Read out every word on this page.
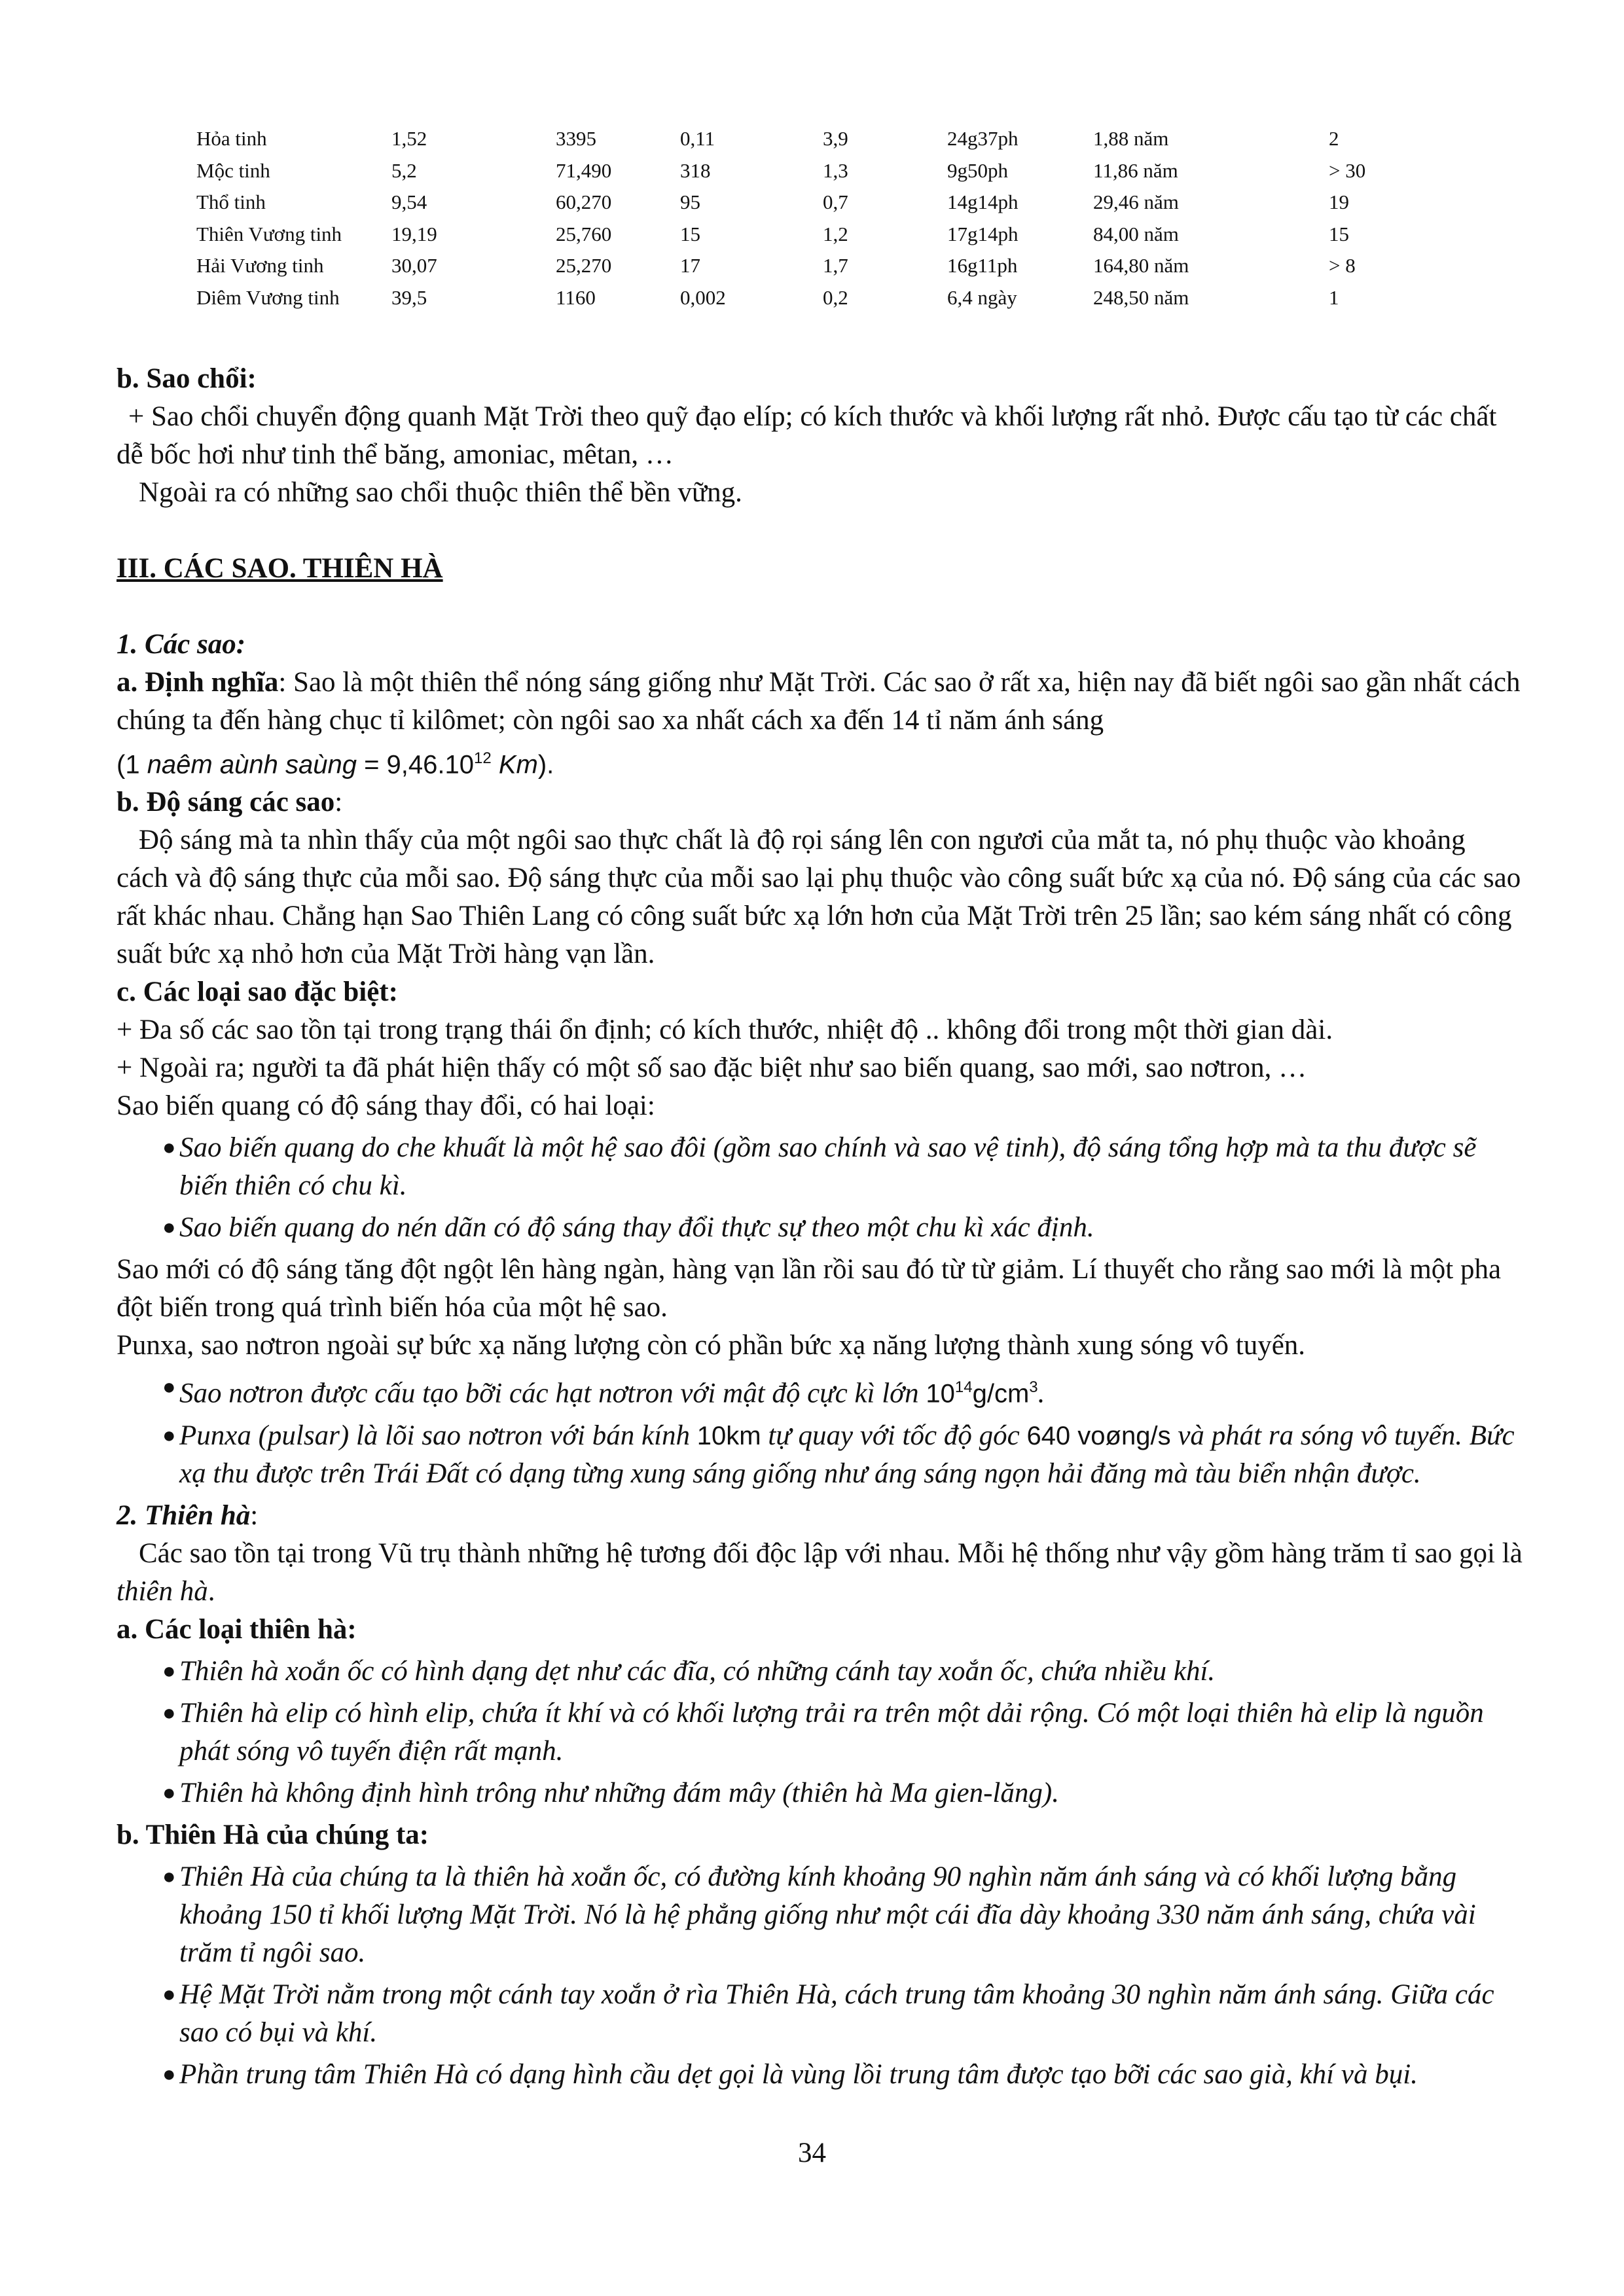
Hỏa tinh	1,52	3395	0,11	3,9	24g37ph	1,88 năm	2
Mộc tinh	5,2	71,490	318	1,3	9g50ph	11,86 năm	> 30
Thổ tinh	9,54	60,270	95	0,7	14g14ph	29,46 năm	19
Thiên Vương tinh	19,19	25,760	15	1,2	17g14ph	84,00 năm	15
Hải Vương tinh	30,07	25,270	17	1,7	16g11ph	164,80 năm	> 8
Diêm Vương tinh	39,5	1160	0,002	0,2	6,4 ngày	248,50 năm	1

b. Sao chổi:

+ Sao chổi chuyển động quanh Mặt Trời theo quỹ đạo elíp; có kích thước và khối lượng rất nhỏ. Được cấu tạo từ các chất dễ bốc hơi như tinh thể băng, amoniac, mêtan, …

Ngoài ra có những sao chổi thuộc thiên thể bền vững.

III. CÁC SAO. THIÊN HÀ

1. Các sao:

a. Định nghĩa: Sao là một thiên thể nóng sáng giống như Mặt Trời. Các sao ở rất xa, hiện nay đã biết ngôi sao gần nhất cách chúng ta đến hàng chục tỉ kilômet; còn ngôi sao xa nhất cách xa đến 14 tỉ năm ánh sáng

(1 naêm aùnh saùng = $9,46.10^{12}$ Km).

b. Độ sáng các sao:

Độ sáng mà ta nhìn thấy của một ngôi sao thực chất là độ rọi sáng lên con ngươi của mắt ta, nó phụ thuộc vào khoảng cách và độ sáng thực của mỗi sao. Độ sáng thực của mỗi sao lại phụ thuộc vào công suất bức xạ của nó. Độ sáng của các sao rất khác nhau. Chẳng hạn Sao Thiên Lang có công suất bức xạ lớn hơn của Mặt Trời trên 25 lần; sao kém sáng nhất có công suất bức xạ nhỏ hơn của Mặt Trời hàng vạn lần.

c. Các loại sao đặc biệt:

+ Đa số các sao tồn tại trong trạng thái ổn định; có kích thước, nhiệt độ .. không đổi trong một thời gian dài.

+ Ngoài ra; người ta đã phát hiện thấy có một số sao đặc biệt như sao biến quang, sao mới, sao nơtron, …

Sao biến quang có độ sáng thay đổi, có hai loại:

● Sao biến quang do che khuất là một hệ sao đôi (gồm sao chính và sao vệ tinh), độ sáng tổng hợp mà ta thu được sẽ biến thiên có chu kì.

● Sao biến quang do nén dãn có độ sáng thay đổi thực sự theo một chu kì xác định.

Sao mới có độ sáng tăng đột ngột lên hàng ngàn, hàng vạn lần rồi sau đó từ từ giảm. Lí thuyết cho rằng sao mới là một pha đột biến trong quá trình biến hóa của một hệ sao.

Punxa, sao nơtron ngoài sự bức xạ năng lượng còn có phần bức xạ năng lượng thành xung sóng vô tuyến.

● Sao nơtron được cấu tạo bỡi các hạt nơtron với mật độ cực kì lớn $10^{14}g/cm^3$.

● Punxa (pulsar) là lõi sao nơtron với bán kính 10km tự quay với tốc độ góc 640 voøng/s và phát ra sóng vô tuyến. Bức xạ thu được trên Trái Đất có dạng từng xung sáng giống như áng sáng ngọn hải đăng mà tàu biển nhận được.

2. Thiên hà:

Các sao tồn tại trong Vũ trụ thành những hệ tương đối độc lập với nhau. Mỗi hệ thống như vậy gồm hàng trăm tỉ sao gọi là thiên hà.

a. Các loại thiên hà:

● Thiên hà xoắn ốc có hình dạng dẹt như các đĩa, có những cánh tay xoắn ốc, chứa nhiều khí.

● Thiên hà elip có hình elip, chứa ít khí và có khối lượng trải ra trên một dải rộng. Có một loại thiên hà elip là nguồn phát sóng vô tuyến điện rất mạnh.

● Thiên hà không định hình trông như những đám mây (thiên hà Ma gien-lăng).

b. Thiên Hà của chúng ta:

● Thiên Hà của chúng ta là thiên hà xoắn ốc, có đường kính khoảng 90 nghìn năm ánh sáng và có khối lượng bằng khoảng 150 tỉ khối lượng Mặt Trời. Nó là hệ phẳng giống như một cái đĩa dày khoảng 330 năm ánh sáng, chứa vài trăm tỉ ngôi sao.

● Hệ Mặt Trời nằm trong một cánh tay xoắn ở rìa Thiên Hà, cách trung tâm khoảng 30 nghìn năm ánh sáng. Giữa các sao có bụi và khí.

● Phần trung tâm Thiên Hà có dạng hình cầu dẹt gọi là vùng lồi trung tâm được tạo bỡi các sao già, khí và bụi.

34
